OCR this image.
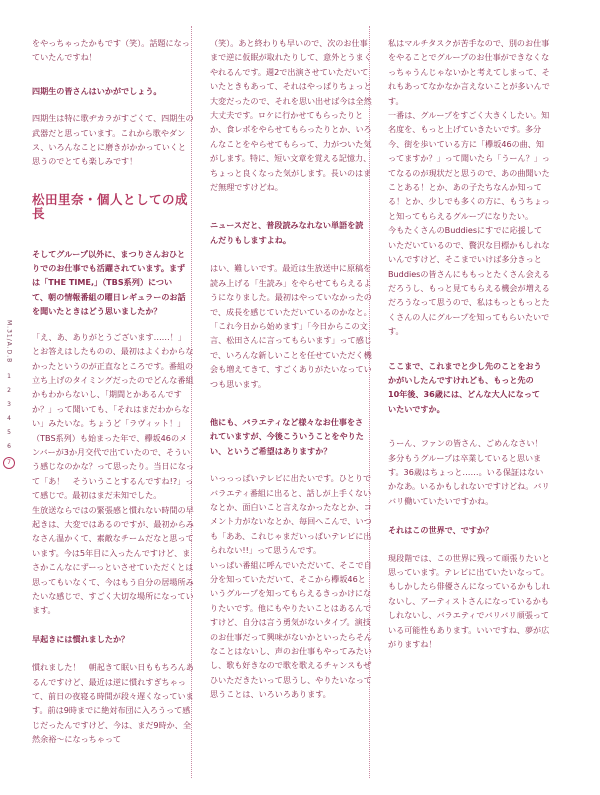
M.31/A.D.B
1
2
3
4
5
6
7

をやっちゃったかもです（笑）。話題になっていたんですね！

四期生の皆さんはいかがでしょう。

四期生は特に歌ヂカラがすごくて、四期生の武器だと思っています。これから歌やダンス、いろんなことに磨きがかかっていくと思うのでとても楽しみです！

松田里奈・個人としての成長

そしてグループ以外に、まつりさんおひとりでのお仕事でも活躍されています。まずは「THE TIME,」（TBS系列）について、朝の情報番組の曜日レギュラーのお話を聞いたときはどう思いましたか？

「え、あ、ありがとうございます……！」とお答えはしたものの、最初はよくわからなかったというのが正直なところです。番組の立ち上げのタイミングだったのでどんな番組かもわからないし、「期間とかあるんですか？」って聞いても、「それはまだわからない」みたいな。ちょうど「ラヴィット！」（TBS系列）も始まった年で、欅坂46のメンバーが3か月交代で出ていたので、そういう感じなのかな？って思ったり。当日になって「あ！　そういうことするんですね!?」って感じで。最初はまだ未知でした。

生放送ならではの緊張感と慣れない時間の早起きは、大変ではあるのですが、最初からみなさん温かくて、素敵なチームだなと思っています。今は5年目に入ったんですけど、まさかこんなにずーっといさせていただくとは思ってもいなくて、今はもう自分の居場所みたいな感じで、すごく大切な場所になっています。

早起きには慣れましたか？

慣れました！　朝起きて眠い日ももちろんあるんですけど、最近は逆に慣れすぎちゃって、前日の夜寝る時間が段々遅くなっています。前は9時までに絶対布団に入ろうって感じだったんですけど、今は、まだ9時か、全然余裕～になっちゃって

（笑）。あと終わりも早いので、次のお仕事まで逆に仮眠が取れたりして、意外とうまくやれるんです。週2で出演させていただいていたときもあって、それはやっぱりちょっと大変だったので、それを思い出せば今は全然大丈夫です。ロケに行かせてもらったりとか、食レポをやらせてもらったりとか、いろんなことをやらせてもらって、力がついた気がします。特に、短い文章を覚える記憶力、ちょっと良くなった気がします。長いのはまだ無理ですけどね。

ニュースだと、普段読みなれない単語を読んだりもしますよね。

はい、難しいです。最近は生放送中に原稿を読み上げる「生読み」をやらせてもらえるようになりました。最初はやっていなかったので、成長を感じていただいているのかなと。「これ今日から始めます」「今日からこの文言、松田さんに言ってもらいます」って感じで、いろんな新しいことを任せていただく機会も増えてきて、すごくありがたいなっていつも思います。

他にも、バラエティなど様々なお仕事をされていますが、今後こういうことをやりたい、というご希望はありますか？

いっっっぱいテレビに出たいです。ひとりでバラエティ番組に出ると、話しが上手くないなとか、面白いこと言えなかったなとか、コメント力がないなとか、毎回へこんで、いつも「ああ、これじゃまだいっぱいテレビに出られない!!」って思うんです。

いっぱい番組に呼んでいただいて、そこで自分を知っていただいて、そこから欅坂46というグループを知ってもらえるきっかけになりたいです。他にもやりたいことはあるんですけど、自分は言う勇気がないタイプ。演技のお仕事だって興味がないかといったらそんなことはないし、声のお仕事もやってみたいし、歌も好きなので歌を歌えるチャンスもぜひいただきたいって思うし、やりたいなって思うことは、いろいろあります。

私はマルチタスクが苦手なので、別のお仕事をやることでグループのお仕事ができなくなっちゃうんじゃないかと考えてしまって、それもあってなかなか言えないことが多いんです。

一番は、グループをすごく大きくしたい。知名度を、もっと上げていきたいです。多分今、街を歩いている方に「欅坂46の曲、知ってますか？」って聞いたら「うーん？」ってなるのが現状だと思うので、あの曲聞いたことある！とか、あの子たちなんか知ってる！とか、少しでも多くの方に、もうちょっと知ってもらえるグループになりたい。

今もたくさんのBuddiesにすでに応援していただいているので、贅沢な目標かもしれないんですけど、そこまでいけば多分きっとBuddiesの皆さんにももっとたくさん会えるだろうし、もっと見てもらえる機会が増えるだろうなって思うので、私はもっともっとたくさんの人にグループを知ってもらいたいです。

ここまで、これまでと少し先のことをおうかがいしたんですけれども、もっと先の10年後、36歳には、どんな大人になっていたいですか。

うーん、ファンの皆さん、ごめんなさい！多分もうグループは卒業していると思います。36歳はちょっと……。いる保証はないかなあ。いるかもしれないですけどね。バリバリ働いていたいですかね。

それはこの世界で、ですか？

現段階では、この世界に残って頑張りたいと思っています。テレビに出ていたいなって。もしかしたら俳優さんになっているかもしれないし、アーティストさんになっているかもしれないし、バラエティでバリバリ頑張っている可能性もあります。いいですね、夢が広がりますね！
